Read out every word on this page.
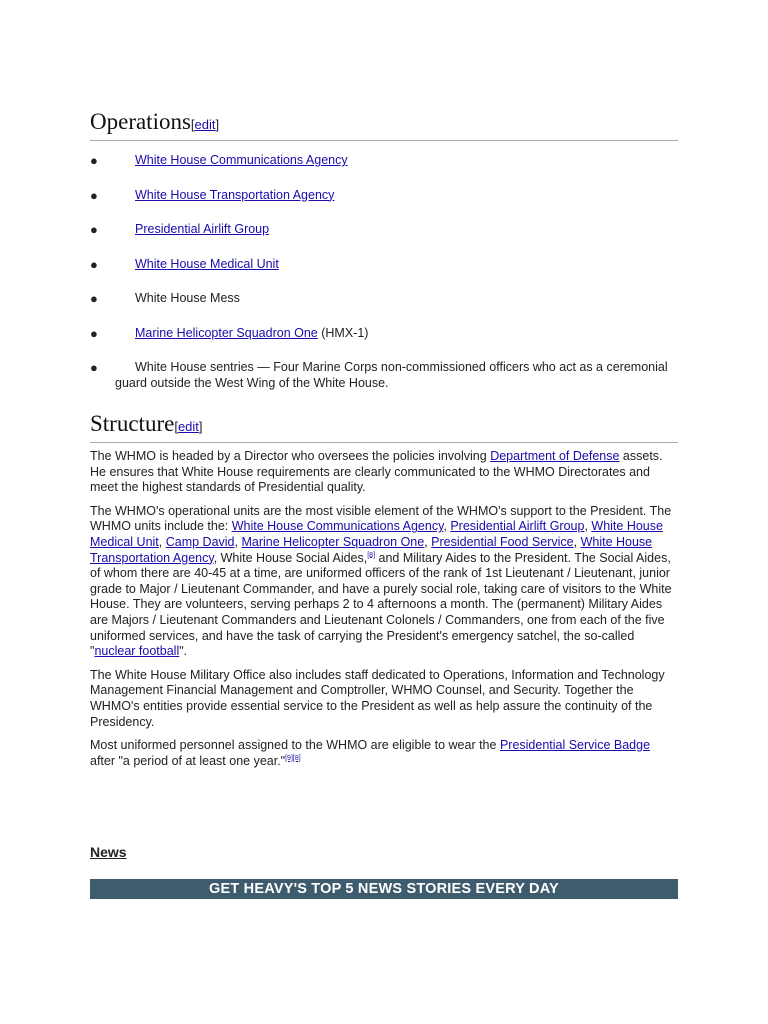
Operations[edit]
●	White House Communications Agency
●	White House Transportation Agency
●	Presidential Airlift Group
●	White House Medical Unit
●	White House Mess
●	Marine Helicopter Squadron One (HMX-1)
●	White House sentries — Four Marine Corps non-commissioned officers who act as a ceremonial guard outside the West Wing of the White House.
Structure[edit]

The WHMO is headed by a Director who oversees the policies involving Department of Defense assets. He ensures that White House requirements are clearly communicated to the WHMO Directorates and meet the highest standards of Presidential quality.

The WHMO's operational units are the most visible element of the WHMO's support to the President. The WHMO units include the: White House Communications Agency, Presidential Airlift Group, White House Medical Unit, Camp David, Marine Helicopter Squadron One, Presidential Food Service, White House Transportation Agency, White House Social Aides,[8] and Military Aides to the President. The Social Aides, of whom there are 40-45 at a time, are uniformed officers of the rank of 1st Lieutenant / Lieutenant, junior grade to Major / Lieutenant Commander, and have a purely social role, taking care of visitors to the White House. They are volunteers, serving perhaps 2 to 4 afternoons a month. The (permanent) Military Aides are Majors / Lieutenant Commanders and Lieutenant Colonels / Commanders, one from each of the five uniformed services, and have the task of carrying the President's emergency satchel, the so-called "nuclear football".

The White House Military Office also includes staff dedicated to Operations, Information and Technology Management Financial Management and Comptroller, WHMO Counsel, and Security. Together the WHMO's entities provide essential service to the President as well as help assure the continuity of the Presidency.

Most uniformed personnel assigned to the WHMO are eligible to wear the Presidential Service Badge after "a period of at least one year."[9][8]

News
GET HEAVY'S TOP 5 NEWS STORIES EVERY DAY
